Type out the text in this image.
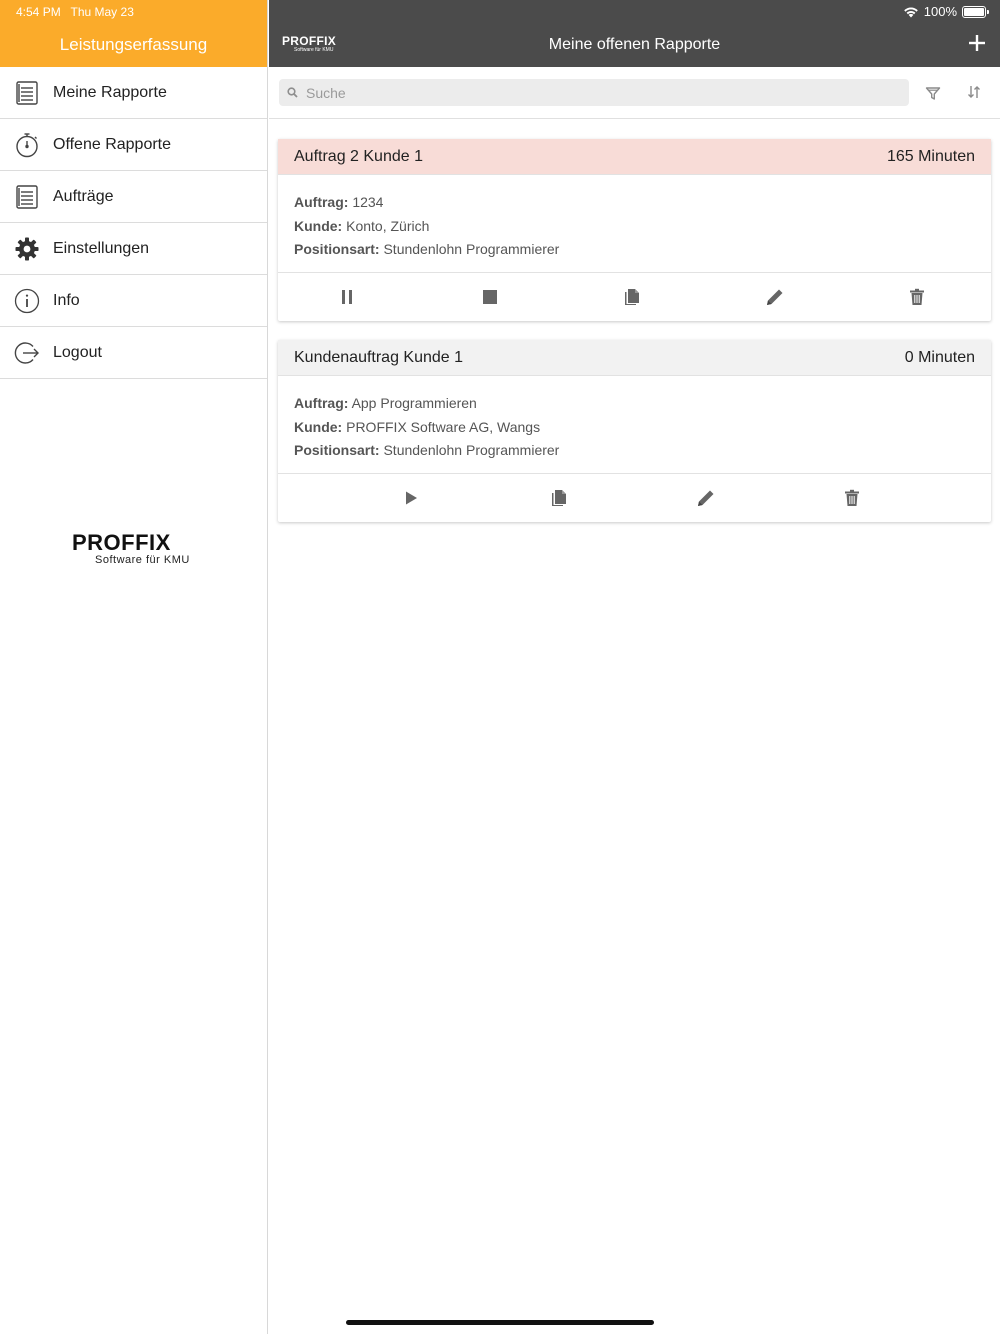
4:54 PM Thu May 23	100%
Leistungserfassung
Meine Rapporte
Offene Rapporte
Aufträge
Einstellungen
Info
Logout
PROFFIX
Software für KMU
PROFFIX
Software für KMU	Meine offenen Rapporte
Suche
Auftrag 2 Kunde 1	165 Minuten
Auftrag: 1234
Kunde: Konto, Zürich
Positionsart: Stundenlohn Programmierer
Kundenauftrag Kunde 1	0 Minuten
Auftrag: App Programmieren
Kunde: PROFFIX Software AG, Wangs
Positionsart: Stundenlohn Programmierer
